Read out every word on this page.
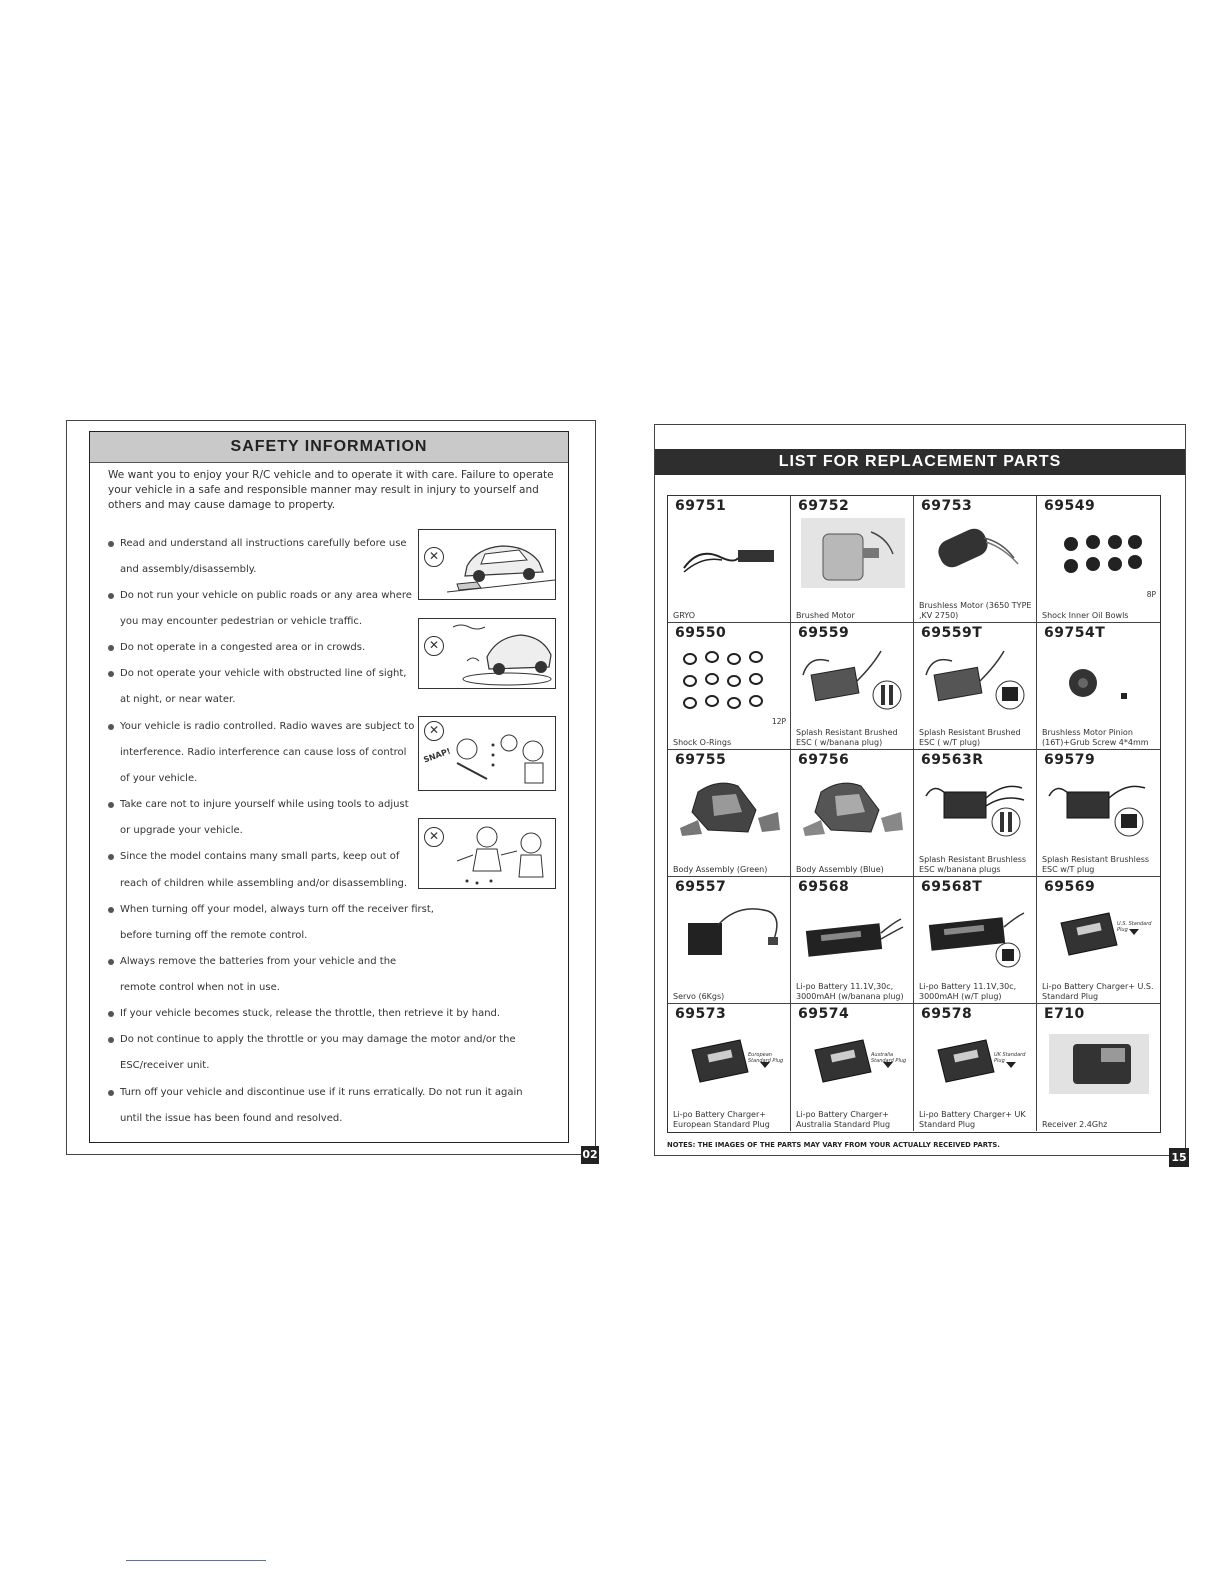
SAFETY INFORMATION
We want you to enjoy your R/C vehicle and to operate it with care. Failure to operate your vehicle in a safe and responsible manner may result in injury to yourself and others and may cause damage to property.
Read and understand all instructions carefully before use
and assembly/disassembly.
Do not run your vehicle on public roads or any area where
you may encounter pedestrian or vehicle traffic.
Do not operate in a congested area or in crowds.
Do not operate your vehicle with obstructed line of sight,
at night, or near water.
Your vehicle is radio controlled. Radio waves are subject to
interference. Radio interference can cause loss of control
of your vehicle.
Take care not to injure yourself while using tools to adjust
or upgrade your vehicle.
Since the model contains many small parts, keep out of
reach of children while assembling and/or disassembling.
When turning off your model, always turn off the receiver first,
before turning off the remote control.
Always remove the batteries from your vehicle and the
remote control when not in use.
If your vehicle becomes stuck, release the throttle, then retrieve it by hand.
Do not continue to apply the throttle or you may damage the motor and/or the
ESC/receiver unit.
Turn off your vehicle and discontinue use if it runs erratically. Do not run it again
until the issue has been found and resolved.
✕
✕
✕
SNAP!
✕
02
LIST FOR REPLACEMENT PARTS
69751
GRYO
69752
Brushed Motor
69753
Brushless Motor (3650 TYPE ,KV 2750)
69549
8P
Shock Inner Oil Bowls
69550
12P
Shock O-Rings
69559
Splash Resistant Brushed ESC ( w/banana plug)
69559T
Splash Resistant Brushed ESC ( w/T plug)
69754T
Brushless Motor Pinion (16T)+Grub Screw 4*4mm
69755
Body Assembly (Green)
69756
Body Assembly (Blue)
69563R
Splash Resistant Brushless ESC w/banana plugs
69579
Splash Resistant Brushless ESC w/T plug
69557
Servo (6Kgs)
69568
Li-po Battery 11.1V,30c, 3000mAH (w/banana plug)
69568T
Li-po Battery 11.1V,30c, 3000mAH (w/T plug)
69569
U.S. Standard Plug
Li-po Battery Charger+ U.S. Standard Plug
69573
European Standard Plug
Li-po Battery Charger+ European Standard Plug
69574
Australia Standard Plug
Li-po Battery Charger+ Australia Standard Plug
69578
UK Standard Plug
Li-po Battery Charger+ UK Standard Plug
E710
Receiver 2.4Ghz
NOTES: THE IMAGES OF THE PARTS MAY VARY FROM YOUR ACTUALLY RECEIVED PARTS.
15
